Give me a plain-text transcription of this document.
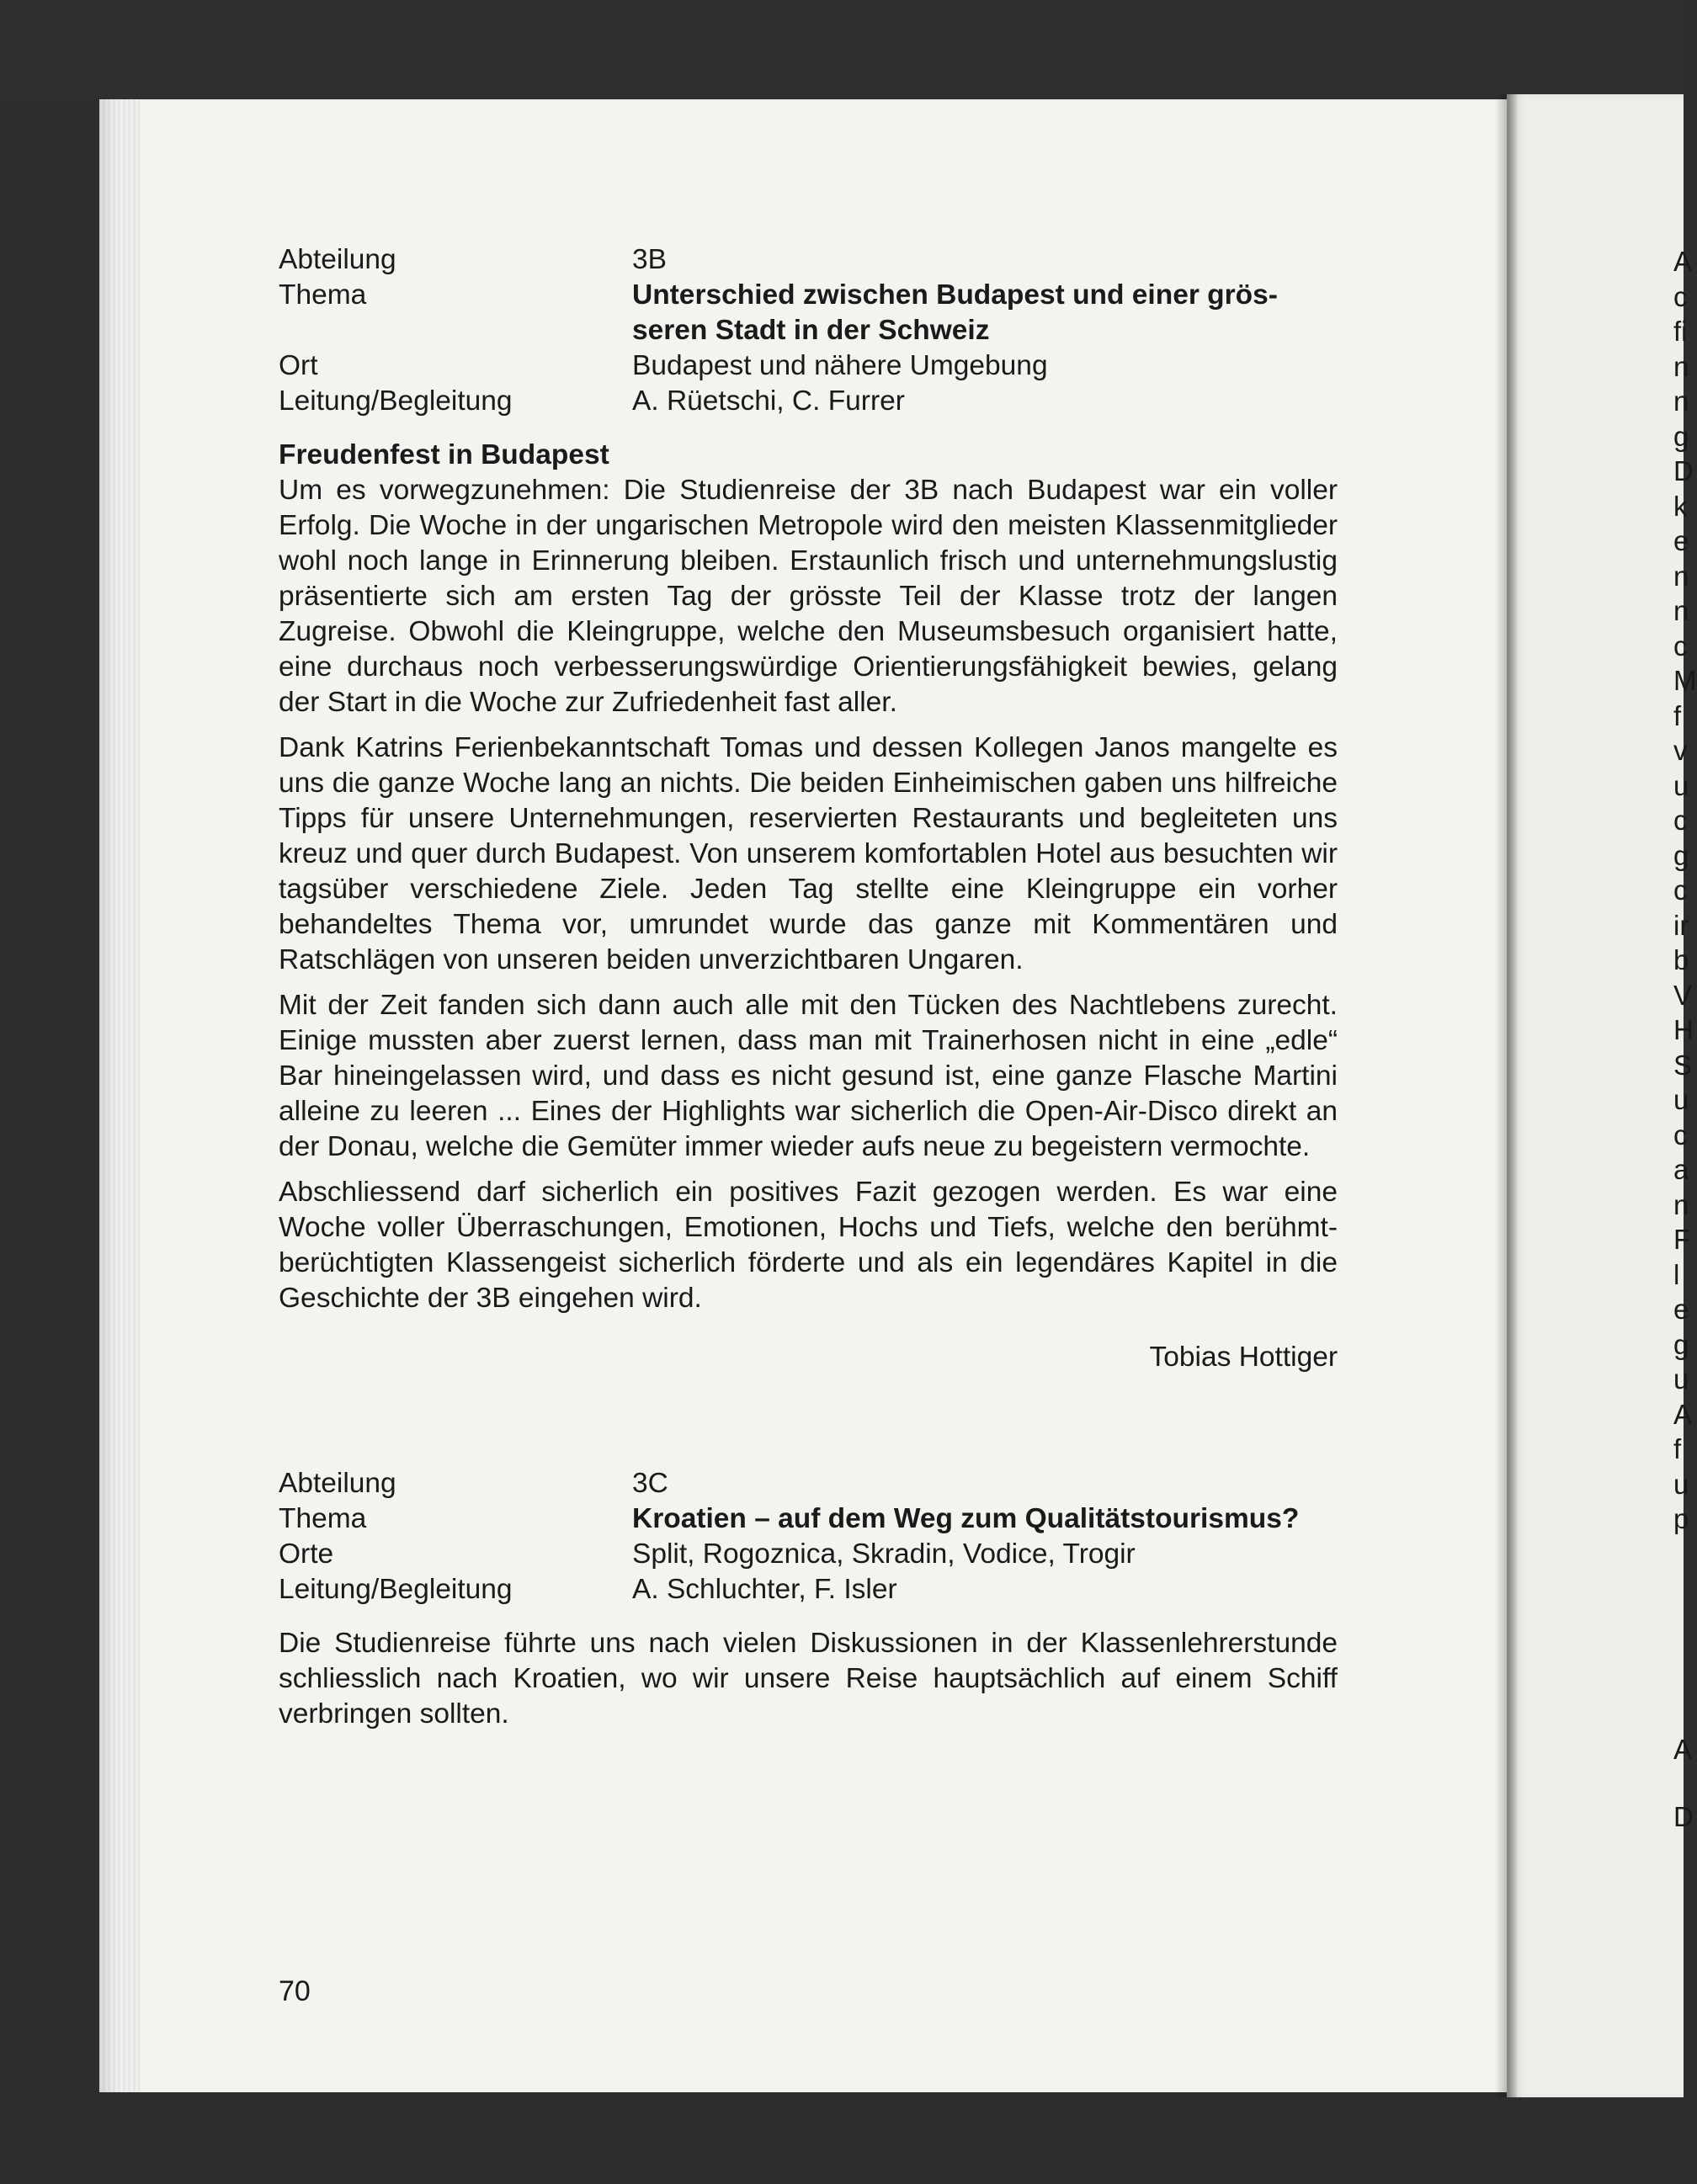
Abteilung	3B
Thema	Unterschied zwischen Budapest und einer grösseren Stadt in der Schweiz
Ort	Budapest und nähere Umgebung
Leitung/Begleitung	A. Rüetschi, C. Furrer
Freudenfest in Budapest

Um es vorwegzunehmen: Die Studienreise der 3B nach Budapest war ein voller Erfolg. Die Woche in der ungarischen Metropole wird den meisten Klassenmitglieder wohl noch lange in Erinnerung bleiben. Erstaunlich frisch und unternehmungslustig präsentierte sich am ersten Tag der grösste Teil der Klasse trotz der langen Zugreise. Obwohl die Kleingruppe, welche den Museumsbesuch organisiert hatte, eine durchaus noch verbesserungswürdige Orientierungsfähigkeit bewies, gelang der Start in die Woche zur Zufriedenheit fast aller.

Dank Katrins Ferienbekanntschaft Tomas und dessen Kollegen Janos mangelte es uns die ganze Woche lang an nichts. Die beiden Einheimischen gaben uns hilfreiche Tipps für unsere Unternehmungen, reservierten Restaurants und begleiteten uns kreuz und quer durch Budapest. Von unserem komfortablen Hotel aus besuchten wir tagsüber verschiedene Ziele. Jeden Tag stellte eine Kleingruppe ein vorher behandeltes Thema vor, umrundet wurde das ganze mit Kommentären und Ratschlägen von unseren beiden unverzichtbaren Ungaren.

Mit der Zeit fanden sich dann auch alle mit den Tücken des Nachtlebens zurecht. Einige mussten aber zuerst lernen, dass man mit Trainerhosen nicht in eine „edle“ Bar hineingelassen wird, und dass es nicht gesund ist, eine ganze Flasche Martini alleine zu leeren ... Eines der Highlights war sicherlich die Open-Air-Disco direkt an der Donau, welche die Gemüter immer wieder aufs neue zu begeistern vermochte.

Abschliessend darf sicherlich ein positives Fazit gezogen werden. Es war eine Woche voller Überraschungen, Emotionen, Hochs und Tiefs, welche den berühmt-berüchtigten Klassengeist sicherlich förderte und als ein legendäres Kapitel in die Geschichte der 3B eingehen wird.

Tobias Hottiger
Abteilung	3C
Thema	Kroatien – auf dem Weg zum Qualitätstourismus?
Orte	Split, Rogoznica, Skradin, Vodice, Trogir
Leitung/Begleitung	A. Schluchter, F. Isler

Die Studienreise führte uns nach vielen Diskussionen in der Klassenlehrerstunde schliesslich nach Kroatien, wo wir unsere Reise hauptsächlich auf einem Schiff verbringen sollten.

70
A
c
fi
n
n
g
D
k
e
n
n
c
M
f
v
u
c
g
c
ir
b
V
H
S
u
c
a
n
F
l
e
g
u
A
f
u
p
A
D
